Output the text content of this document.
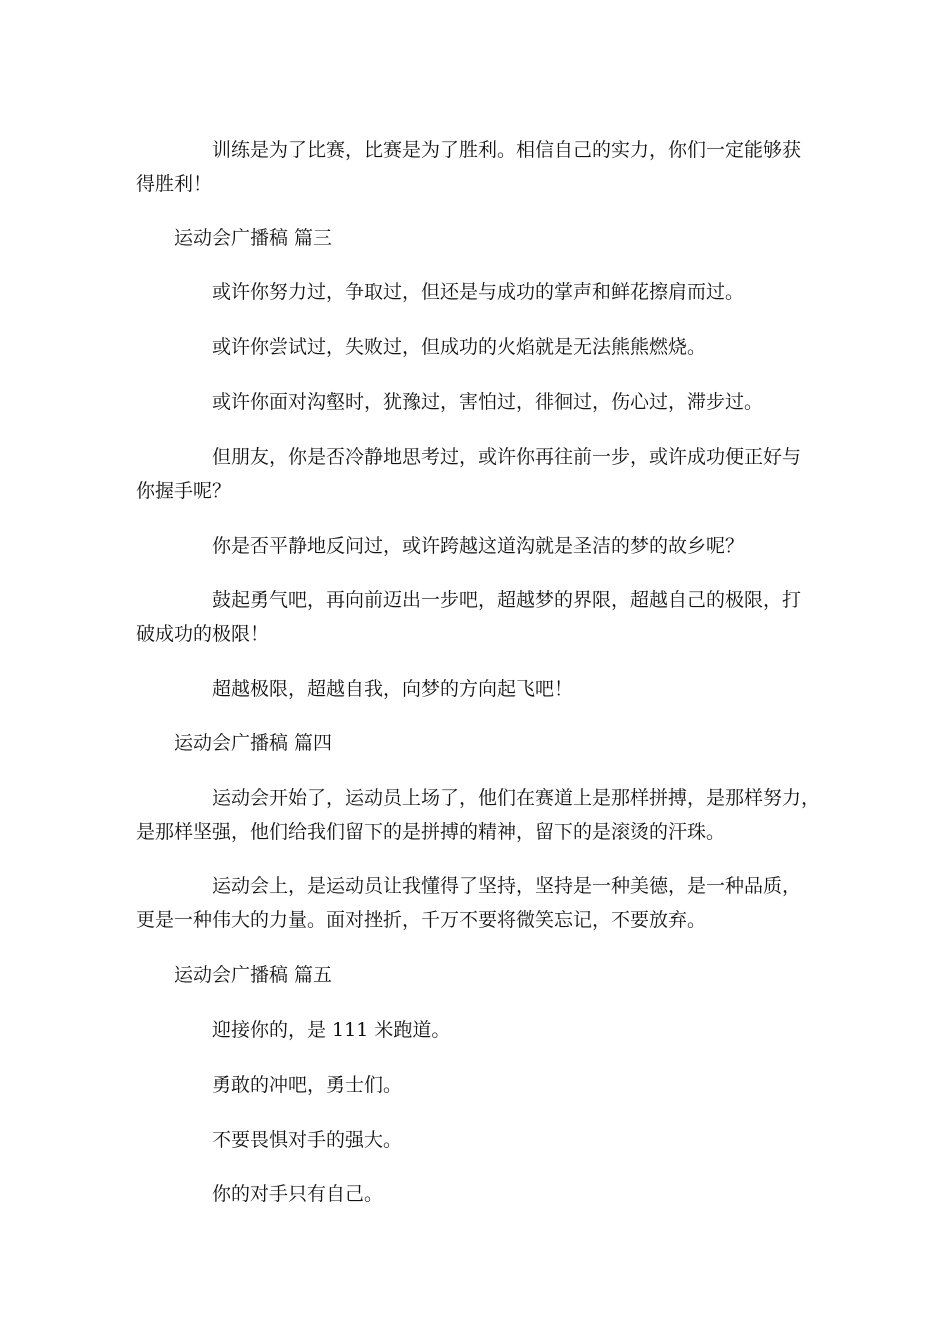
训练是为了比赛，比赛是为了胜利。相信自己的实力，你们一定能够获
得胜利！
运动会广播稿 篇三
或许你努力过，争取过，但还是与成功的掌声和鲜花擦肩而过。
或许你尝试过，失败过，但成功的火焰就是无法熊熊燃烧。
或许你面对沟壑时，犹豫过，害怕过，徘徊过，伤心过，滞步过。
但朋友，你是否冷静地思考过，或许你再往前一步，或许成功便正好与
你握手呢？
你是否平静地反问过，或许跨越这道沟就是圣洁的梦的故乡呢？
鼓起勇气吧，再向前迈出一步吧，超越梦的界限，超越自己的极限，打
破成功的极限！
超越极限，超越自我，向梦的方向起飞吧！
运动会广播稿 篇四
运动会开始了，运动员上场了，他们在赛道上是那样拼搏，是那样努力，
是那样坚强，他们给我们留下的是拼搏的精神，留下的是滚烫的汗珠。
运动会上，是运动员让我懂得了坚持，坚持是一种美德，是一种品质，
更是一种伟大的力量。面对挫折，千万不要将微笑忘记，不要放弃。
运动会广播稿 篇五
迎接你的，是 111 米跑道。
勇敢的冲吧，勇士们。
不要畏惧对手的强大。
你的对手只有自己。
